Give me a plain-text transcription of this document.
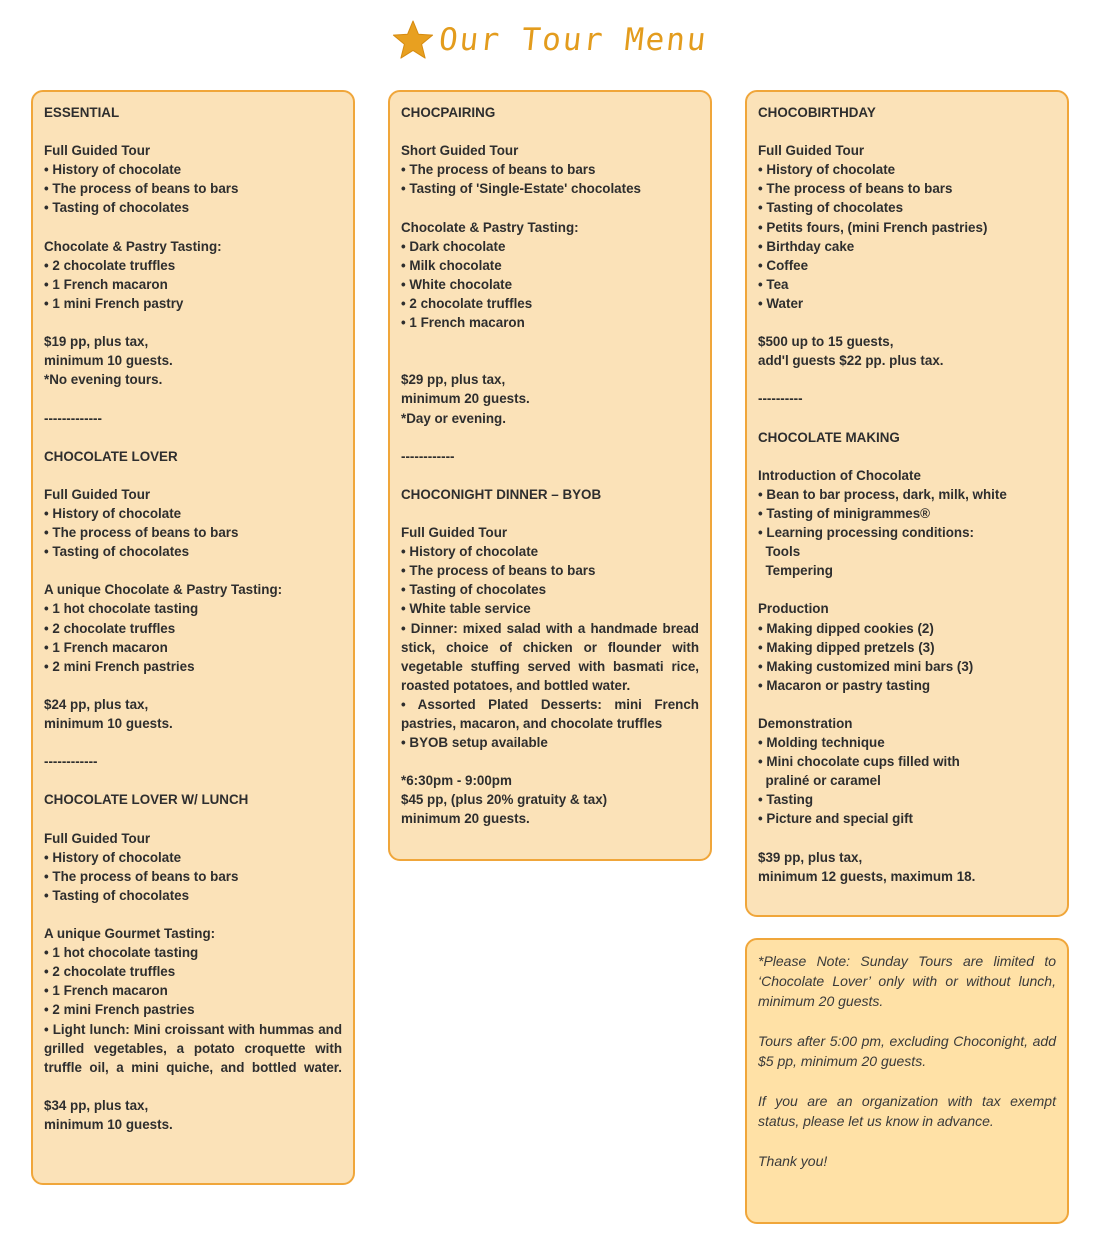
Our Tour Menu
ESSENTIAL
Full Guided Tour
• History of chocolate
• The process of beans to bars
• Tasting of chocolates
Chocolate & Pastry Tasting:
• 2 chocolate truffles
• 1 French macaron
• 1 mini French pastry
$19 pp, plus tax,
minimum 10 guests.
*No evening tours.
-------------
CHOCOLATE LOVER
Full Guided Tour
• History of chocolate
• The process of beans to bars
• Tasting of chocolates
A unique Chocolate & Pastry Tasting:
• 1 hot chocolate tasting
• 2 chocolate truffles
• 1 French macaron
• 2 mini French pastries
$24 pp, plus tax,
minimum 10 guests.
------------
CHOCOLATE LOVER W/ LUNCH
Full Guided Tour
• History of chocolate
• The process of beans to bars
• Tasting of chocolates
A unique Gourmet Tasting:
• 1 hot chocolate tasting
• 2 chocolate truffles
• 1 French macaron
• 2 mini French pastries
• Light lunch: Mini croissant with hummas and
grilled vegetables, a potato croquette with
truffle oil, a mini quiche, and bottled water.
$34 pp, plus tax,
minimum 10 guests.
CHOCPAIRING
Short Guided Tour
• The process of beans to bars
• Tasting of 'Single-Estate' chocolates
Chocolate & Pastry Tasting:
• Dark chocolate
• Milk chocolate
• White chocolate
• 2 chocolate truffles
• 1 French macaron
$29 pp, plus tax,
minimum 20 guests.
*Day or evening.
------------
CHOCONIGHT DINNER – BYOB
Full Guided Tour
• History of chocolate
• The process of beans to bars
• Tasting of chocolates
• White table service
• Dinner: mixed salad with a handmade bread
stick, choice of chicken or flounder with
vegetable stuffing served with basmati rice,
roasted potatoes, and bottled water.
• Assorted Plated Desserts: mini French
pastries, macaron, and chocolate truffles
• BYOB setup available
*6:30pm - 9:00pm
$45 pp, (plus 20% gratuity & tax)
minimum 20 guests.
CHOCOBIRTHDAY
Full Guided Tour
• History of chocolate
• The process of beans to bars
• Tasting of chocolates
• Petits fours, (mini French pastries)
• Birthday cake
• Coffee
• Tea
• Water
$500 up to 15 guests,
add'l guests $22 pp. plus tax.
----------
CHOCOLATE MAKING
Introduction of Chocolate
• Bean to bar process, dark, milk, white
• Tasting of minigrammes®
• Learning processing conditions:
Tools
Tempering
Production
• Making dipped cookies (2)
• Making dipped pretzels (3)
• Making customized mini bars (3)
• Macaron or pastry tasting
Demonstration
• Molding technique
• Mini chocolate cups filled with
praliné or caramel
• Tasting
• Picture and special gift
$39 pp, plus tax,
minimum 12 guests, maximum 18.

*Please Note: Sunday Tours are limited to ‘Chocolate Lover’ only with or without lunch, minimum 20 guests.

Tours after 5:00 pm, excluding Choconight, add $5 pp, minimum 20 guests.

If you are an organization with tax exempt status, please let us know in advance.

Thank you!
